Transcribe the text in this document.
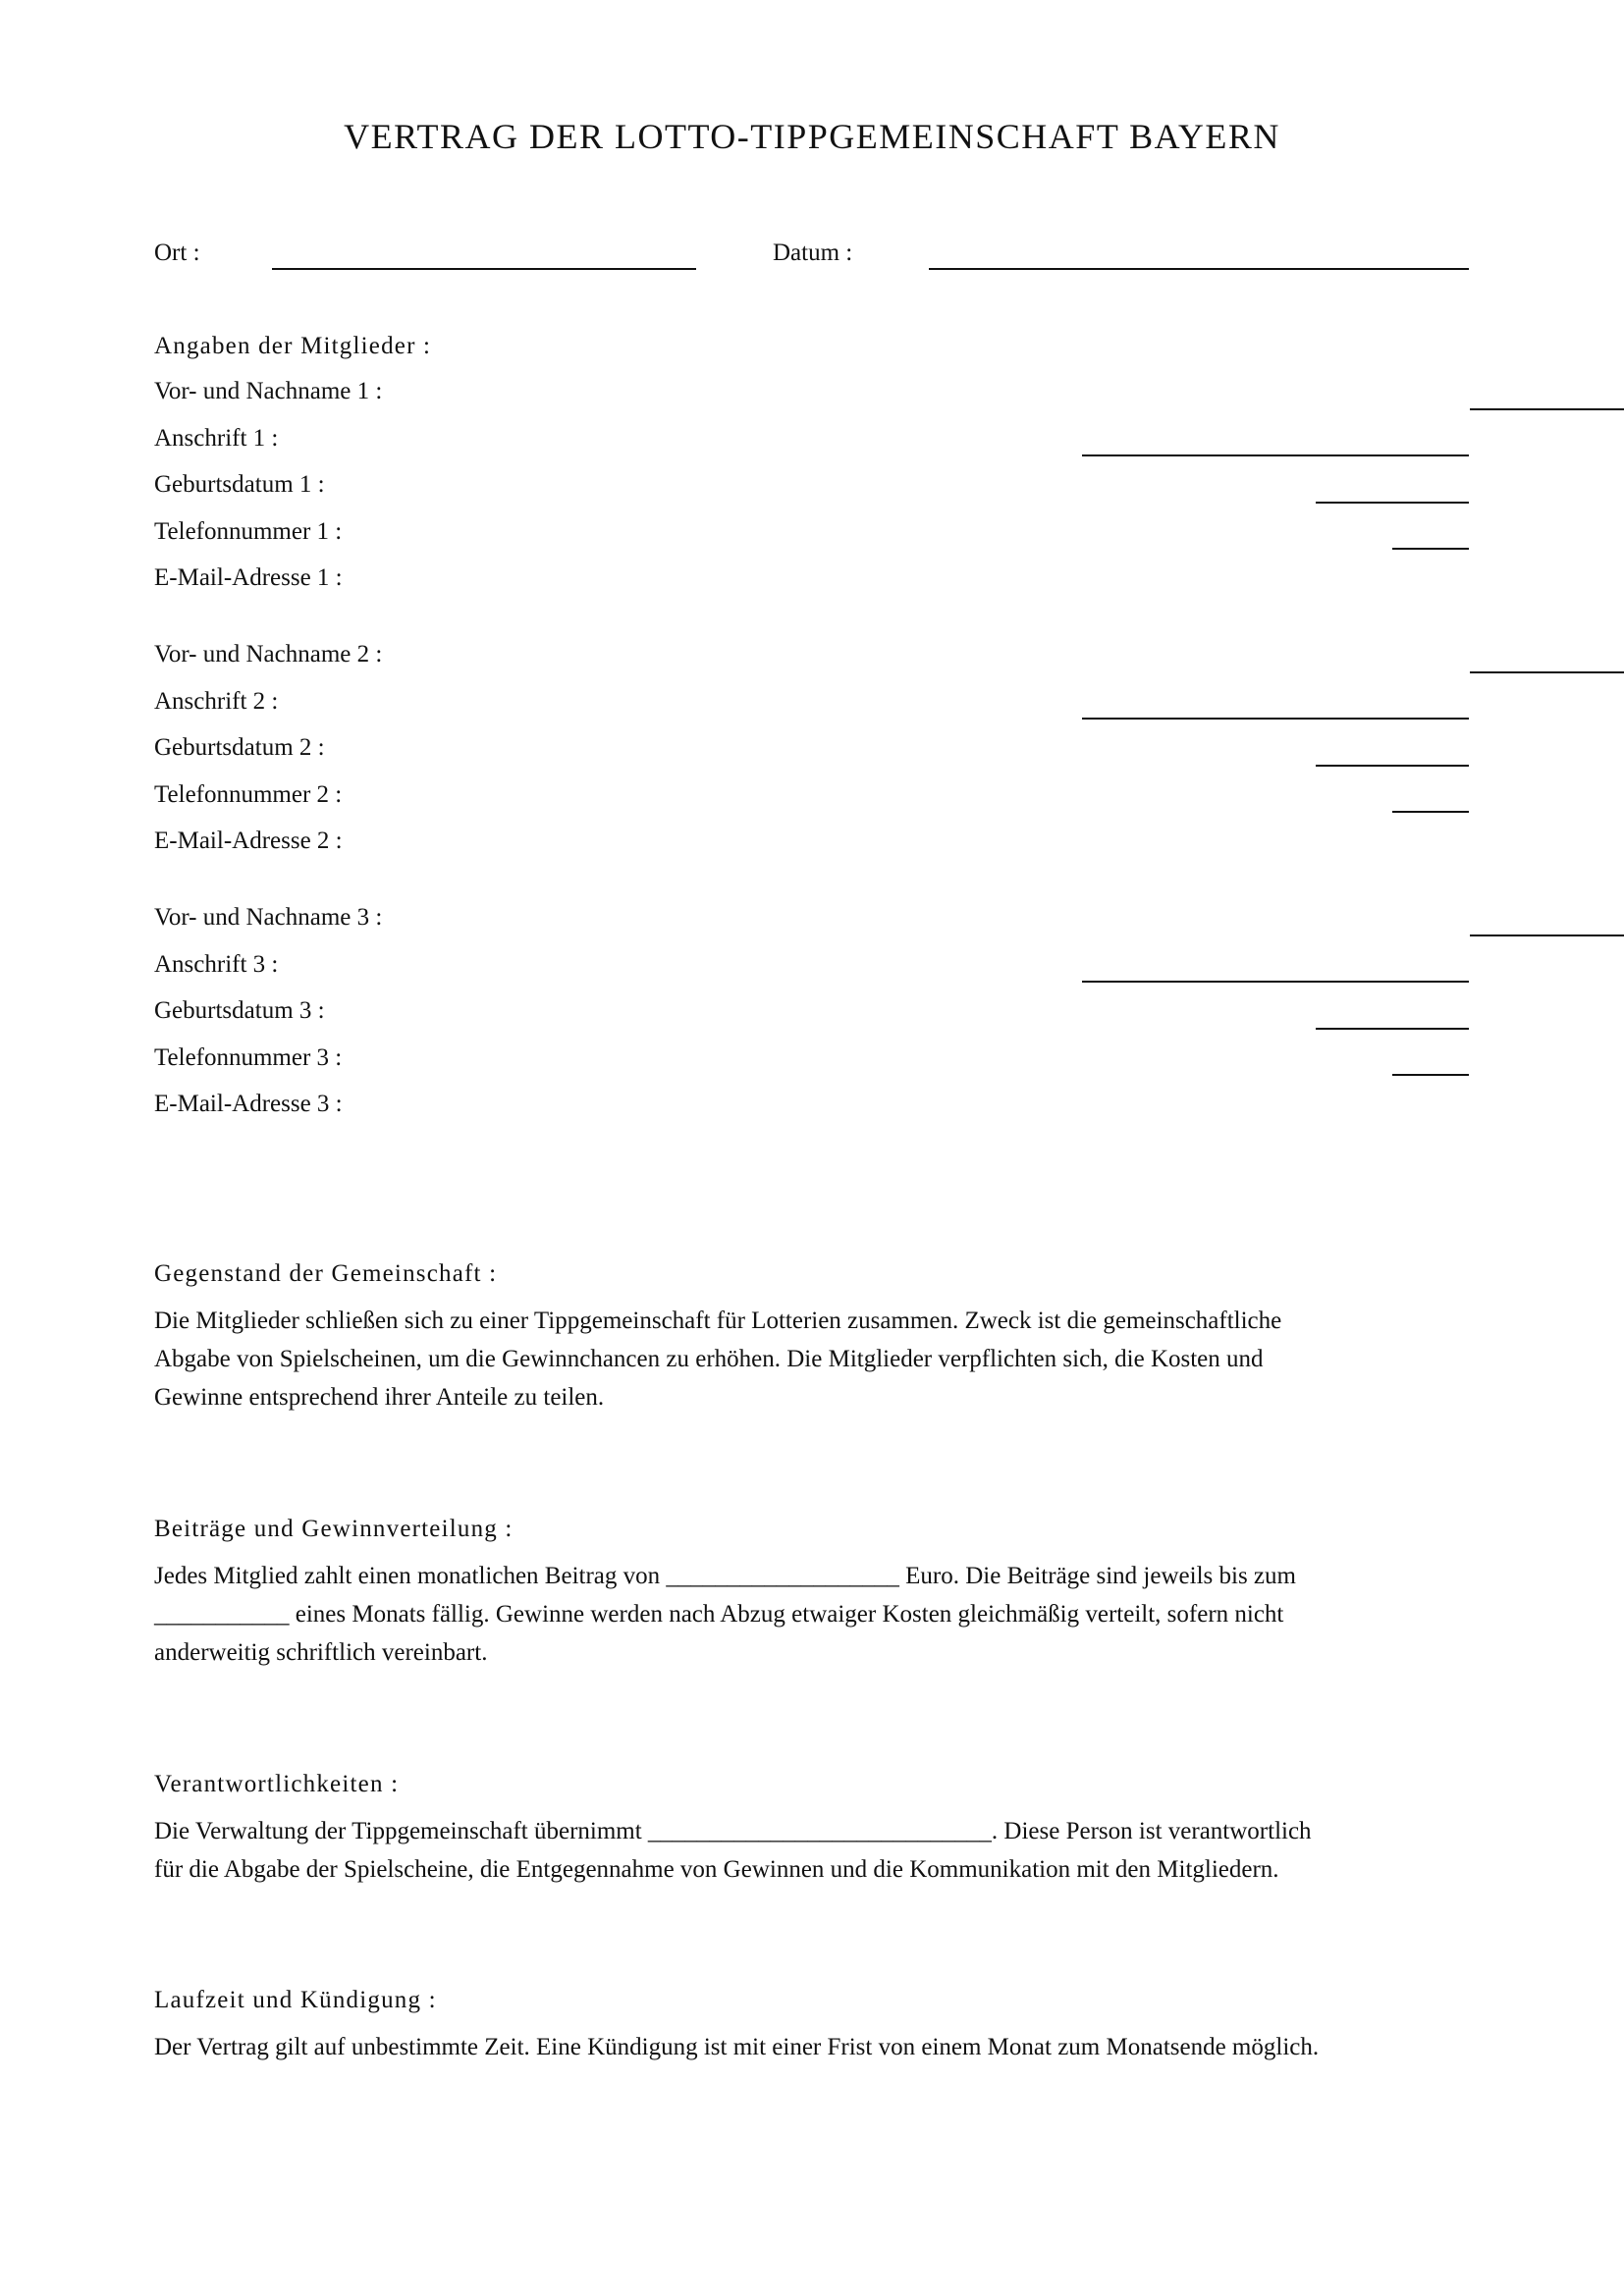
VERTRAG DER LOTTO-TIPPGEMEINSCHAFT BAYERN
Ort :	Datum :
Angaben der Mitglieder :
Vor- und Nachname 1 :
Anschrift 1 :
Geburtsdatum 1 :
Telefonnummer 1 :
E-Mail-Adresse 1 :
Vor- und Nachname 2 :
Anschrift 2 :
Geburtsdatum 2 :
Telefonnummer 2 :
E-Mail-Adresse 2 :
Vor- und Nachname 3 :
Anschrift 3 :
Geburtsdatum 3 :
Telefonnummer 3 :
E-Mail-Adresse 3 :
Gegenstand der Gemeinschaft :

Die Mitglieder schließen sich zu einer Tippgemeinschaft für Lotterien zusammen. Zweck ist die gemeinschaftliche
Abgabe von Spielscheinen, um die Gewinnchancen zu erhöhen. Die Mitglieder verpflichten sich, die Kosten und
Gewinne entsprechend ihrer Anteile zu teilen.

Beiträge und Gewinnverteilung :

Jedes Mitglied zahlt einen monatlichen Beitrag von ___________________ Euro. Die Beiträge sind jeweils bis zum
___________ eines Monats fällig. Gewinne werden nach Abzug etwaiger Kosten gleichmäßig verteilt, sofern nicht
anderweitig schriftlich vereinbart.

Verantwortlichkeiten :

Die Verwaltung der Tippgemeinschaft übernimmt ____________________________. Diese Person ist verantwortlich
für die Abgabe der Spielscheine, die Entgegennahme von Gewinnen und die Kommunikation mit den Mitgliedern.

Laufzeit und Kündigung :

Der Vertrag gilt auf unbestimmte Zeit. Eine Kündigung ist mit einer Frist von einem Monat zum Monatsende möglich.
